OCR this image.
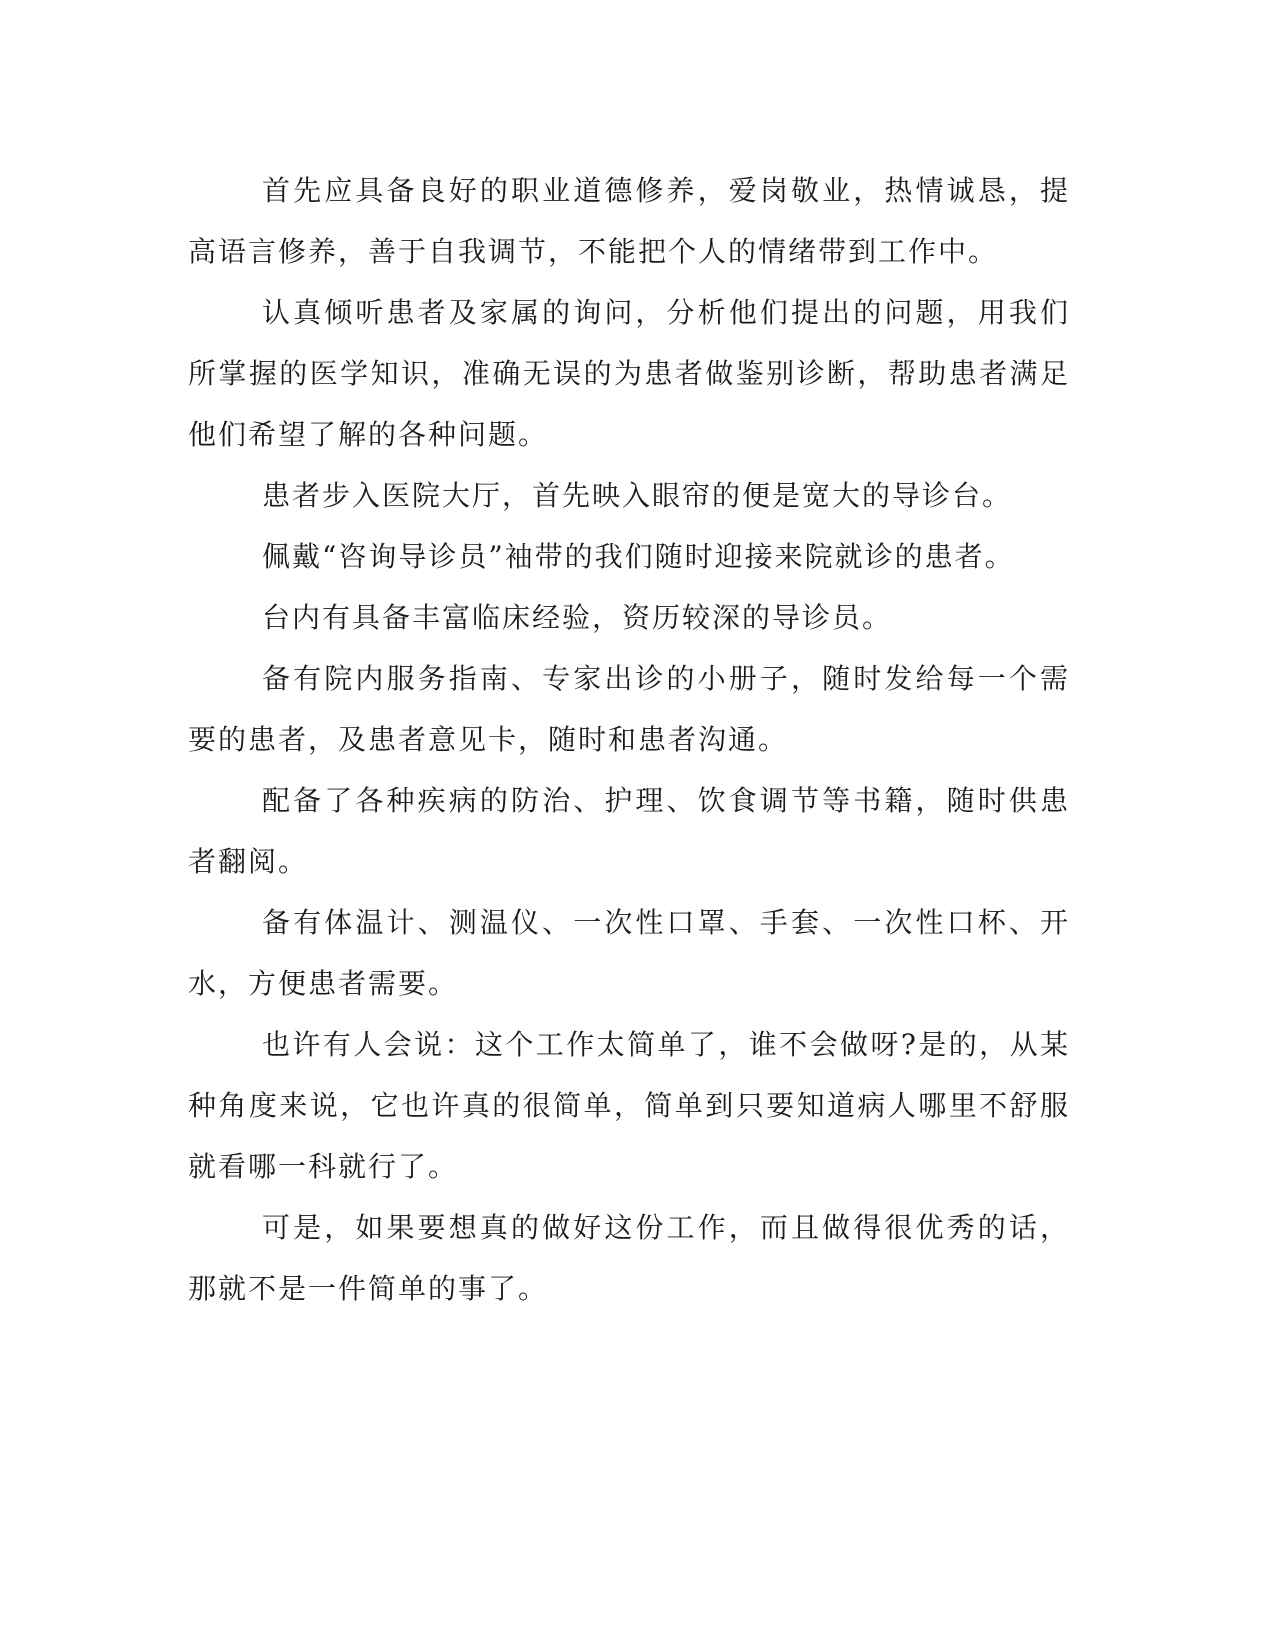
首先应具备良好的职业道德修养，爱岗敬业，热情诚恳，提高语言修养，善于自我调节，不能把个人的情绪带到工作中。

认真倾听患者及家属的询问，分析他们提出的问题，用我们所掌握的医学知识，准确无误的为患者做鉴别诊断，帮助患者满足他们希望了解的各种问题。

患者步入医院大厅，首先映入眼帘的便是宽大的导诊台。

佩戴“咨询导诊员”袖带的我们随时迎接来院就诊的患者。

台内有具备丰富临床经验，资历较深的导诊员。

备有院内服务指南、专家出诊的小册子，随时发给每一个需要的患者，及患者意见卡，随时和患者沟通。

配备了各种疾病的防治、护理、饮食调节等书籍，随时供患者翻阅。

备有体温计、测温仪、一次性口罩、手套、一次性口杯、开水，方便患者需要。

也许有人会说：这个工作太简单了，谁不会做呀?是的，从某种角度来说，它也许真的很简单，简单到只要知道病人哪里不舒服就看哪一科就行了。

可是，如果要想真的做好这份工作，而且做得很优秀的话，那就不是一件简单的事了。
